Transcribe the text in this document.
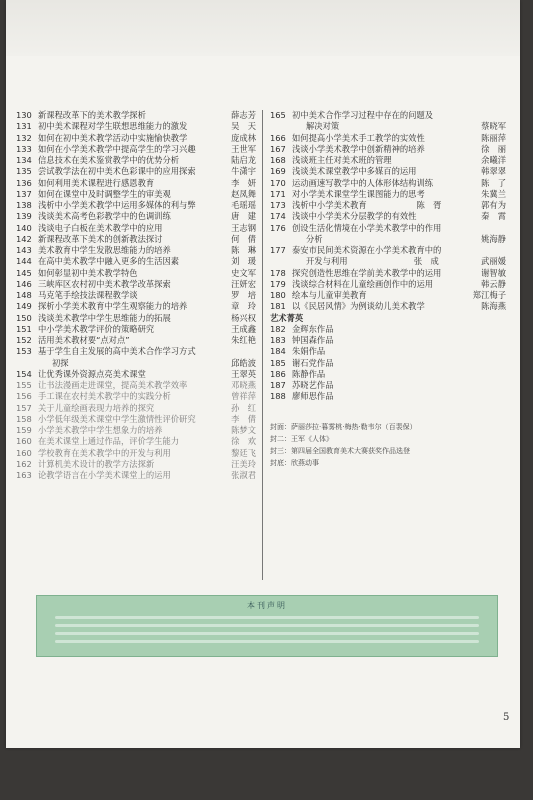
130 新课程改革下的美术教学探析	薛志芳
131 初中美术课程对学生联想思维能力的激发	吴　天
132 如何在初中美术教学活动中实施愉快教学	庞成林
133 如何在小学美术教学中提高学生的学习兴趣	王世军
134 信息技术在美术鉴赏教学中的优势分析	陆启龙
135 尝试教学法在初中美术色彩课中的应用探索	牛潇宇
136 如何利用美术课程进行感恩教育	李　妍
137 如何在课堂中及时调整学生的审美观	赵凤舞
138 浅析中小学美术教学中运用多媒体的利与弊	毛瑶瑶
139 浅谈美术高考色彩教学中的色调训练	唐　建
140 浅谈电子白板在美术教学中的应用	王志钢
142 新课程改革下美术的创新教法探讨	何　倩
143 美术教育中学生发散思维能力的培养	陈　琳
144 在高中美术教学中融入更多的生活因素	刘　瑗
145 如何彰显初中美术教学特色	史文军
146 三峡库区农村初中美术教学改革探索	汪妍宏
148 马克笔手绘技法课程教学谈	罗　培
149 探析小学美术教育中学生观察能力的培养	章　玲
150 浅谈美术教学中学生思维能力的拓展	杨兴权
151 中小学美术教学评价的策略研究	王成鑫
152 活用美术教材要“点对点”	朱红艳
153 基于学生自主发展的高中美术合作学习方式
初探	邱皓波
154 让优秀课外资源点亮美术课堂	王翠英
155 让书法漫画走进课堂，提高美术教学效率	邓晓燕
156 手工课在农村美术教学中的实践分析	曾祥萍
157 关于儿童绘画表现力培养的探究	孙　红
158 小学低年级美术课堂中学生激情性评价研究	李　倩
159 小学美术教学中学生想象力的培养	陈梦文
160 在美术课堂上通过作品，评价学生能力	徐　欢
160 学校教育在美术教学中的开发与利用	黎廷飞
162 计算机美术设计的教学方法探新	汪美玲
163 论教学语言在小学美术课堂上的运用	张淑君
165 初中美术合作学习过程中存在的问题及
解决对策	蔡晓军
166 如何提高小学美术手工教学的实效性	陈丽萍
167 浅谈小学美术教学中创新精神的培养	徐　丽
168 浅谈班主任对美术班的管理	余曦洋
169 浅谈美术课堂教学中多媒百的运用	韩翠翠
170 运动画速写教学中的人体形体结构训练	陈　了
171 对小学美术课堂学生课图能力的思考	朱冀兰
173 浅析中小学美术教育　　　　　　陈　胥	郭有为
174 浅谈中小学美术分层教学的有效性	秦　霄
176 创设生活化情境在小学美术教学中的作用
分析	姚海静
177 泰安市民间美术资源在小学美术教育中的
开发与利用　　　　　　　　张　成	武丽媛
178 探究创造性思维在学前美术教学中的运用	谢智敏
179 浅谈综合材料在儿童绘画创作中的运用	韩云静
180 绘本与儿童审美教育	郑江梅子
181 以《民居风情》为例谈幼儿美术教学	陈海燕
艺术菁英
182 金辉东作品
183 钟国森作品
184 朱娟作品
185 谢石党作品
186 陈静作品
187 苏晓艺作品
188 廖师思作品
封面：萨丽莎拉·暮雾桃·梅热·勒韦尔（百裴保）
封二：王军《人体》
封三：第四届全国教育美术大赛获奖作品选登
封底：欣燕动事
本刊声明
5
